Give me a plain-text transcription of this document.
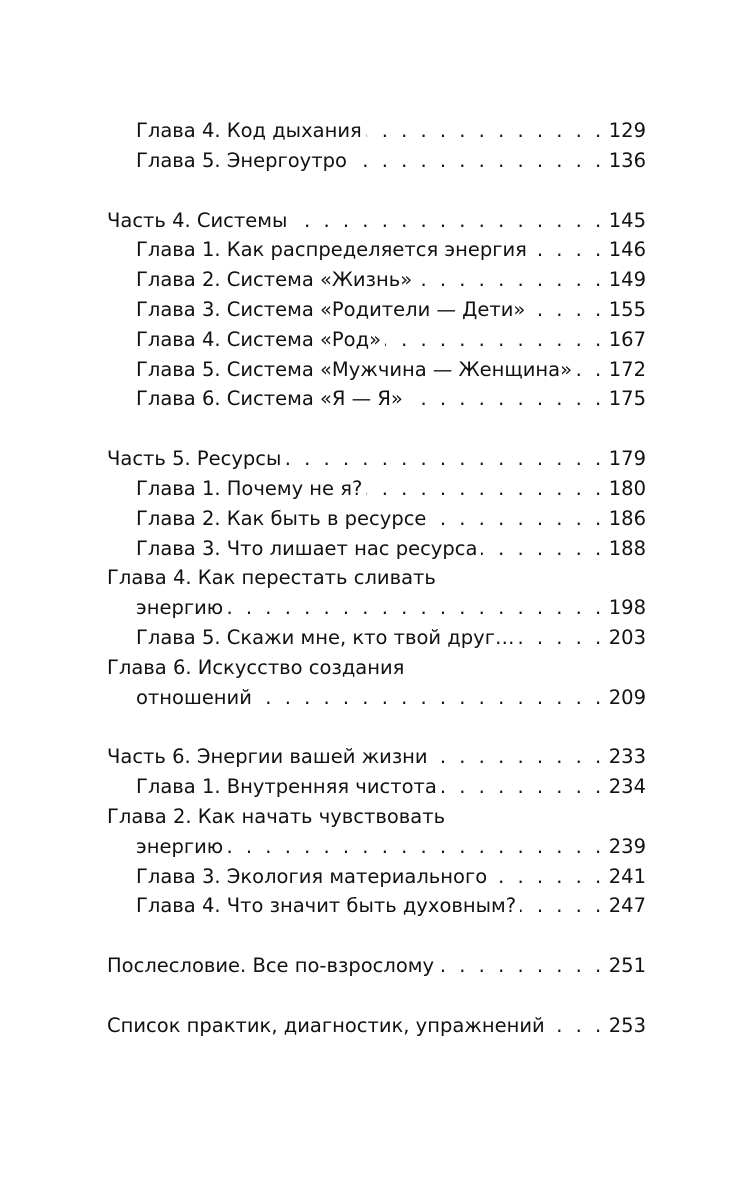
Глава 4. Код дыхания . . .	129
Глава 5. Энергоутро . . .	136
Часть 4. Системы . . .	145
Глава 1. Как распределяется энергия . . .	146
Глава 2. Система «Жизнь» . . .	149
Глава 3. Система «Родители — Дети» . . .	155
Глава 4. Система «Род» . . .	167
Глава 5. Система «Мужчина — Женщина» . . . 172
Глава 6. Система «Я — Я» . . .	175
Часть 5. Ресурсы . . .	179
Глава 1. Почему не я? . . .	180
Глава 2. Как быть в ресурсе . . .	186
Глава 3. Что лишает нас ресурса . . .	188
Глава 4. Как перестать сливать
энергию . . .	198
Глава 5. Скажи мне, кто твой друг… . . .	203
Глава 6. Искусство создания
отношений . . .	209
Часть 6. Энергии вашей жизни . . .	233
Глава 1. Внутренняя чистота . . .	234
Глава 2. Как начать чувствовать
энергию . . .	239
Глава 3. Экология материального . . .	241
Глава 4. Что значит быть духовным? . . .	247
Послесловие. Все по-взрослому . . .	251
Список практик, диагностик, упражнений . . .	253
